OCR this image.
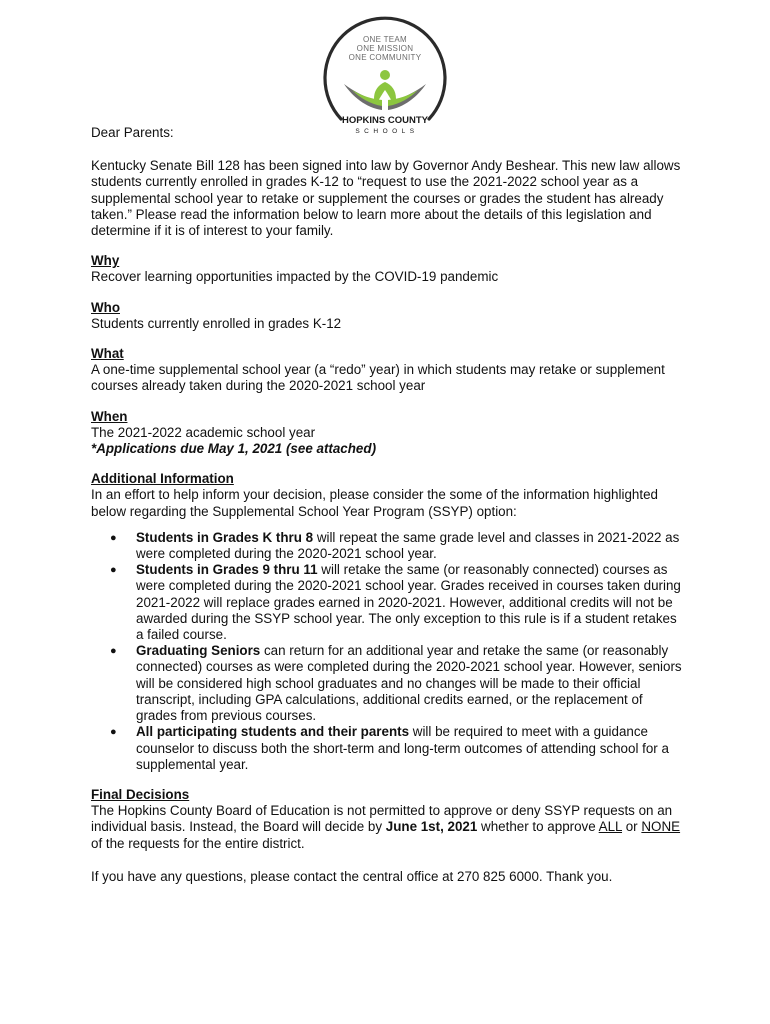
ONE TEAM
ONE MISSION
ONE COMMUNITY
HOPKINS COUNTY
SCHOOLS

Dear Parents:

Kentucky Senate Bill 128 has been signed into law by Governor Andy Beshear. This new law allows students currently enrolled in grades K-12 to “request to use the 2021-2022 school year as a supplemental school year to retake or supplement the courses or grades the student has already taken.” Please read the information below to learn more about the details of this legislation and determine if it is of interest to your family.

Why
Recover learning opportunities impacted by the COVID-19 pandemic
Who
Students currently enrolled in grades K-12
What
A one-time supplemental school year (a “redo” year) in which students may retake or supplement courses already taken during the 2020-2021 school year
When
The 2021-2022 academic school year
*Applications due May 1, 2021 (see attached)
Additional Information
In an effort to help inform your decision, please consider the some of the information highlighted below regarding the Supplemental School Year Program (SSYP) option:
● Students in Grades K thru 8 will repeat the same grade level and classes in 2021-2022 as were completed during the 2020-2021 school year.
● Students in Grades 9 thru 11 will retake the same (or reasonably connected) courses as were completed during the 2020-2021 school year. Grades received in courses taken during 2021-2022 will replace grades earned in 2020-2021. However, additional credits will not be awarded during the SSYP school year. The only exception to this rule is if a student retakes a failed course.
● Graduating Seniors can return for an additional year and retake the same (or reasonably connected) courses as were completed during the 2020-2021 school year. However, seniors will be considered high school graduates and no changes will be made to their official transcript, including GPA calculations, additional credits earned, or the replacement of grades from previous courses.
● All participating students and their parents will be required to meet with a guidance counselor to discuss both the short-term and long-term outcomes of attending school for a supplemental year.
Final Decisions
The Hopkins County Board of Education is not permitted to approve or deny SSYP requests on an individual basis. Instead, the Board will decide by June 1st, 2021 whether to approve ALL or NONE of the requests for the entire district.

If you have any questions, please contact the central office at 270 825 6000. Thank you.
